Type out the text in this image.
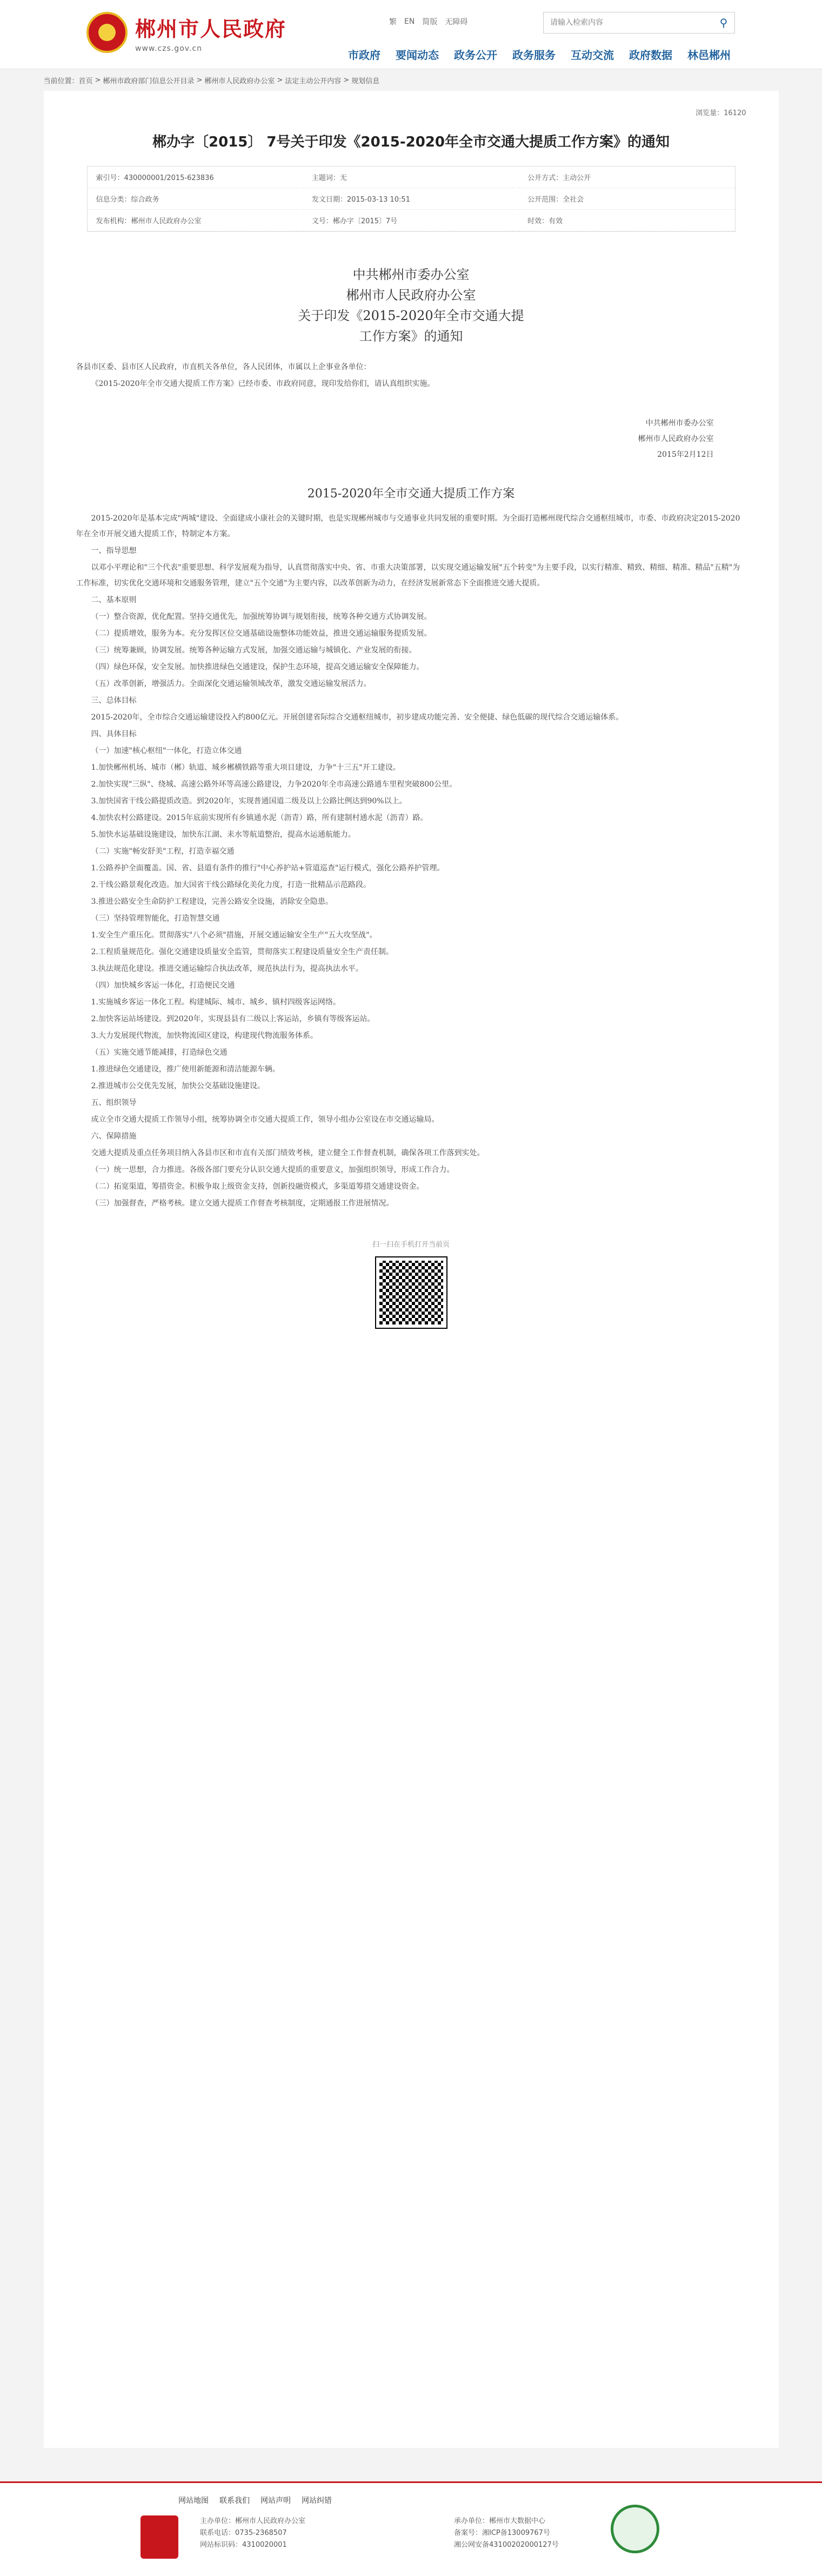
郴州市人民政府
www.czs.gov.cn
繁 EN 简版 无障碍
请输入检索内容	⚲
市政府 要闻动态 政务公开 政务服务 互动交流 政府数据 林邑郴州
当前位置：首页 > 郴州市政府部门信息公开目录 > 郴州市人民政府办公室 > 法定主动公开内容 > 规划信息
浏览量：16120
郴办字〔2015〕 7号关于印发《2015-2020年全市交通大提质工作方案》的通知
索引号：430000001/2015-623836	主题词：无	公开方式：主动公开
信息分类：综合政务	发文日期：2015-03-13 10:51	公开范围：全社会
发布机构：郴州市人民政府办公室	文号：郴办字〔2015〕7号	时效：有效
中共郴州市委办公室
郴州市人民政府办公室
关于印发《2015-2020年全市交通大提
工作方案》的通知

各县市区委、县市区人民政府，市直机关各单位，各人民团体，市属以上企事业各单位：

《2015-2020年全市交通大提质工作方案》已经市委、市政府同意，现印发给你们，请认真组织实施。

中共郴州市委办公室
郴州市人民政府办公室
2015年2月12日
2015-2020年全市交通大提质工作方案

2015-2020年是基本完成"两城"建设、全面建成小康社会的关键时期，也是实现郴州城市与交通事业共同发展的重要时期。为全面打造郴州现代综合交通枢纽城市，市委、市政府决定2015-2020年在全市开展交通大提质工作，特制定本方案。

一、指导思想

以邓小平理论和"三个代表"重要思想、科学发展观为指导，认真贯彻落实中央、省、市重大决策部署，以实现交通运输发展"五个转变"为主要手段，以实行精准、精致、精细、精准、精品"五精"为工作标准，切实优化交通环境和交通服务管理，建立"五个交通"为主要内容，以改革创新为动力，在经济发展新常态下全面推进交通大提质。

二、基本原则

（一）整合资源，优化配置。坚持交通优先，加强统筹协调与规划衔接，统筹各种交通方式协调发展。

（二）提质增效，服务为本。充分发挥区位交通基础设施整体功能效益，推进交通运输服务提质发展。

（三）统筹兼顾，协调发展。统筹各种运输方式发展，加强交通运输与城镇化、产业发展的衔接。

（四）绿色环保，安全发展。加快推进绿色交通建设，保护生态环境，提高交通运输安全保障能力。

（五）改革创新，增强活力。全面深化交通运输领域改革，激发交通运输发展活力。

三、总体目标

2015-2020年，全市综合交通运输建设投入约800亿元。开展创建省际综合交通枢纽城市，初步建成功能完善、安全便捷、绿色低碳的现代综合交通运输体系。

四、具体目标

（一）加速"核心枢纽"一体化，打造立体交通

1.加快郴州机场、城市（郴）轨道、城乡郴横铁路等重大项目建设，力争"十三五"开工建设。

2.加快实现"三纵"、绕城、高速公路外环等高速公路建设，力争2020年全市高速公路通车里程突破800公里。

3.加快国省干线公路提质改造。到2020年，实现普通国道二级及以上公路比例达到90%以上。

4.加快农村公路建设。2015年底前实现所有乡镇通水泥（沥青）路，所有建制村通水泥（沥青）路。

5.加快水运基础设施建设，加快东江湖、耒水等航道整治，提高水运通航能力。

（二）实施"畅安舒美"工程，打造幸福交通

1.公路养护全面覆盖。国、省、县道有条件的推行"中心养护站+管道巡查"运行模式，强化公路养护管理。

2.干线公路景观化改造。加大国省干线公路绿化美化力度，打造一批精品示范路段。

3.推进公路安全生命防护工程建设，完善公路安全设施，消除安全隐患。

（三）坚持管理智能化，打造智慧交通

1.安全生产重压化。贯彻落实"八个必须"措施，开展交通运输安全生产"五大攻坚战"。

2.工程质量规范化。强化交通建设质量安全监管，贯彻落实工程建设质量安全生产责任制。

3.执法规范化建设。推进交通运输综合执法改革，规范执法行为，提高执法水平。

（四）加快城乡客运一体化，打造便民交通

1.实施城乡客运一体化工程。构建城际、城市、城乡、镇村四级客运网络。

2.加快客运站场建设。到2020年，实现县县有二级以上客运站，乡镇有等级客运站。

3.大力发展现代物流，加快物流园区建设，构建现代物流服务体系。

（五）实施交通节能减排，打造绿色交通

1.推进绿色交通建设，推广使用新能源和清洁能源车辆。

2.推进城市公交优先发展，加快公交基础设施建设。

五、组织领导

成立全市交通大提质工作领导小组，统筹协调全市交通大提质工作，领导小组办公室设在市交通运输局。

六、保障措施

交通大提质及重点任务项目纳入各县市区和市直有关部门绩效考核，建立健全工作督查机制，确保各项工作落到实处。

（一）统一思想，合力推进。各级各部门要充分认识交通大提质的重要意义，加强组织领导，形成工作合力。

（二）拓宽渠道，筹措资金。积极争取上级资金支持，创新投融资模式，多渠道筹措交通建设资金。

（三）加强督查，严格考核。建立交通大提质工作督查考核制度，定期通报工作进展情况。

扫一扫在手机打开当前页
网站地图 联系我们 网站声明 网站纠错
主办单位：郴州市人民政府办公室
联系电话：0735-2368507
网站标识码：4310020001
承办单位：郴州市大数据中心
备案号：湘ICP备13009767号
湘公网安备43100202000127号
